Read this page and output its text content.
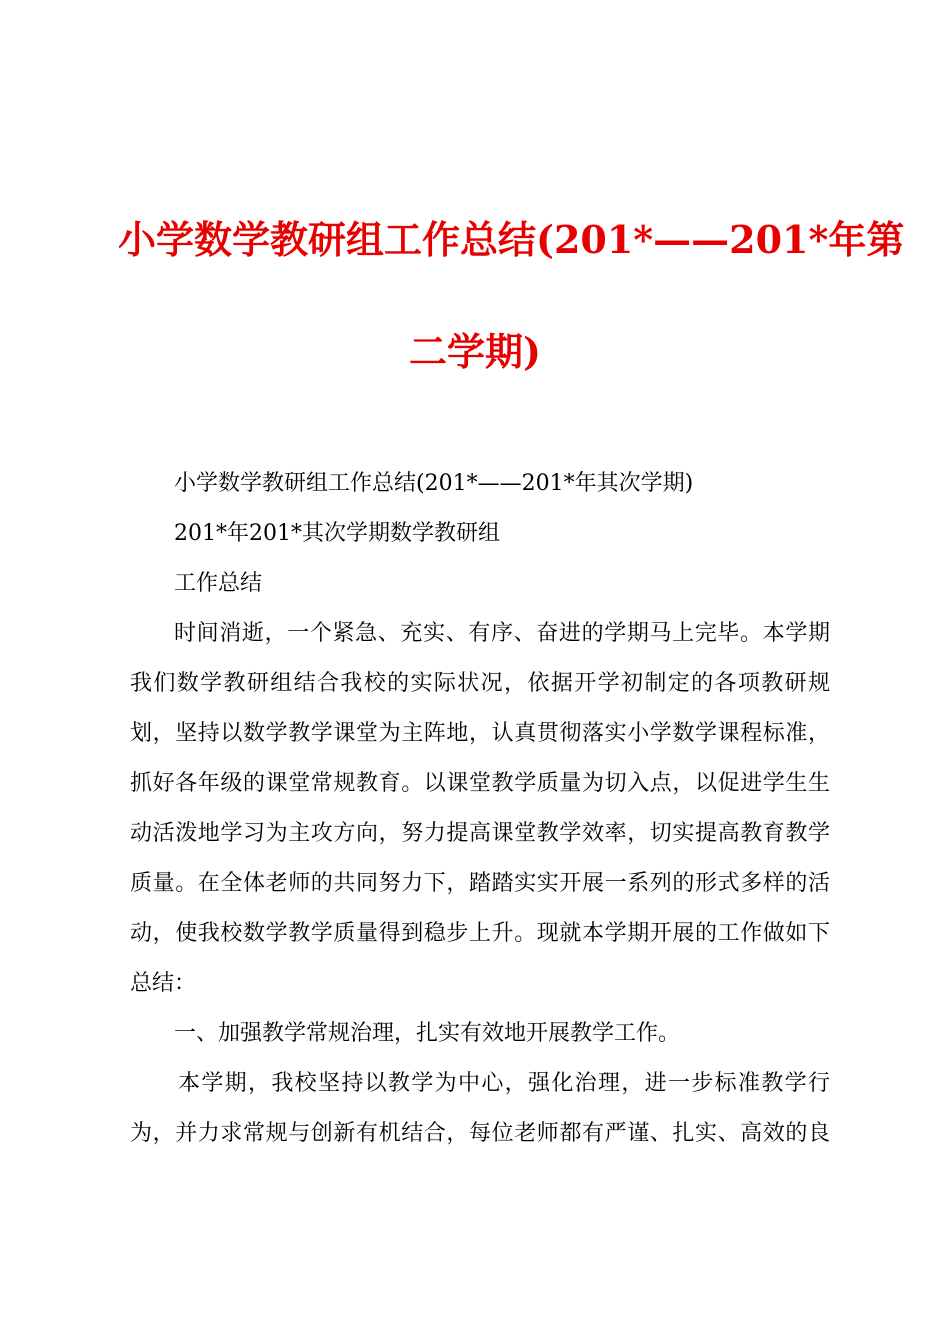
小学数学教研组工作总结(201*——201*年第
二学期)
小学数学教研组工作总结(201*——201*年其次学期)
201*年201*其次学期数学教研组
工作总结
时间消逝，一个紧急、充实、有序、奋进的学期马上完毕。本学期
我们数学教研组结合我校的实际状况，依据开学初制定的各项教研规
划，坚持以数学教学课堂为主阵地，认真贯彻落实小学数学课程标准，
抓好各年级的课堂常规教育。以课堂教学质量为切入点，以促进学生生
动活泼地学习为主攻方向，努力提高课堂教学效率，切实提高教育教学
质量。在全体老师的共同努力下，踏踏实实开展一系列的形式多样的活
动，使我校数学教学质量得到稳步上升。现就本学期开展的工作做如下
总结：
一、加强教学常规治理，扎实有效地开展教学工作。
本学期，我校坚持以教学为中心，强化治理，进一步标准教学行
为，并力求常规与创新有机结合，每位老师都有严谨、扎实、高效的良
